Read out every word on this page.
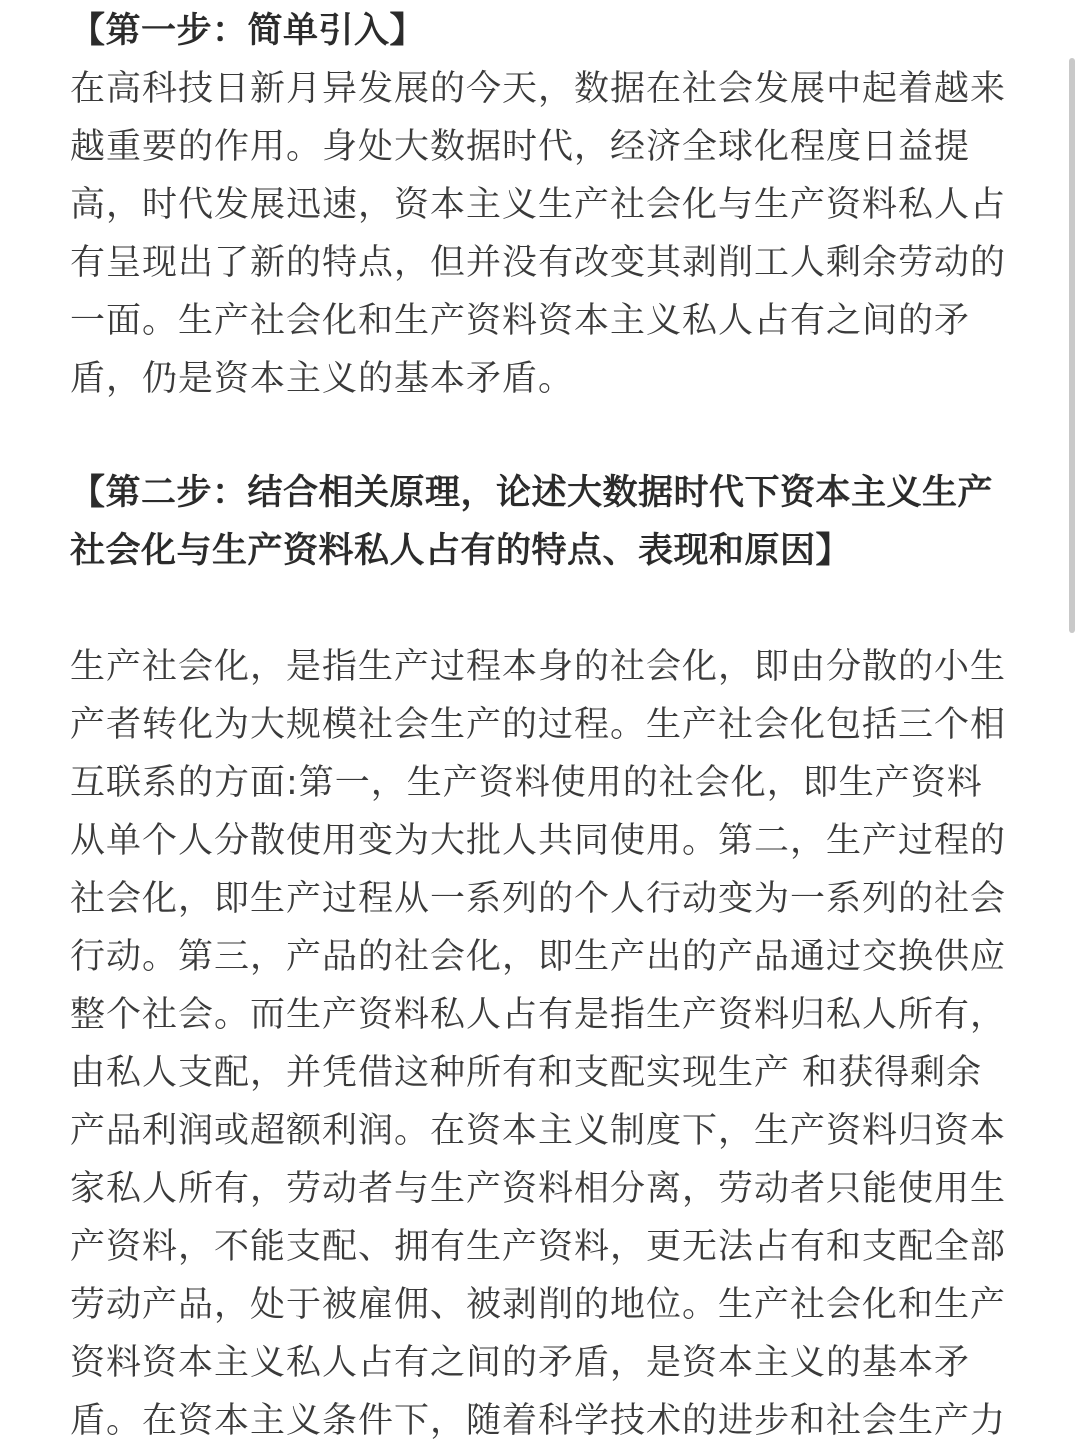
【第一步：简单引入】

在高科技日新月异发展的今天，数据在社会发展中起着越来越重要的作用。身处大数据时代，经济全球化程度日益提高，时代发展迅速，资本主义生产社会化与生产资料私人占有呈现出了新的特点，但并没有改变其剥削工人剩余劳动的一面。生产社会化和生产资料资本主义私人占有之间的矛盾，仍是资本主义的基本矛盾。

【第二步：结合相关原理，论述大数据时代下资本主义生产社会化与生产资料私人占有的特点、表现和原因】

生产社会化，是指生产过程本身的社会化，即由分散的小生产者转化为大规模社会生产的过程。生产社会化包括三个相互联系的方面:第一，生产资料使用的社会化，即生产资料从单个人分散使用变为大批人共同使用。第二，生产过程的社会化，即生产过程从一系列的个人行动变为一系列的社会行动。第三，产品的社会化，即生产出的产品通过交换供应整个社会。而生产资料私人占有是指生产资料归私人所有，由私人支配，并凭借这种所有和支配实现生产 和获得剩余产品利润或超额利润。在资本主义制度下，生产资料归资本家私人所有，劳动者与生产资料相分离，劳动者只能使用生产资料，不能支配、拥有生产资料，更无法占有和支配全部劳动产品，处于被雇佣、被剥削的地位。生产社会化和生产资料资本主义私人占有之间的矛盾，是资本主义的基本矛盾。在资本主义条件下，随着科学技术的进步和社会生产力
